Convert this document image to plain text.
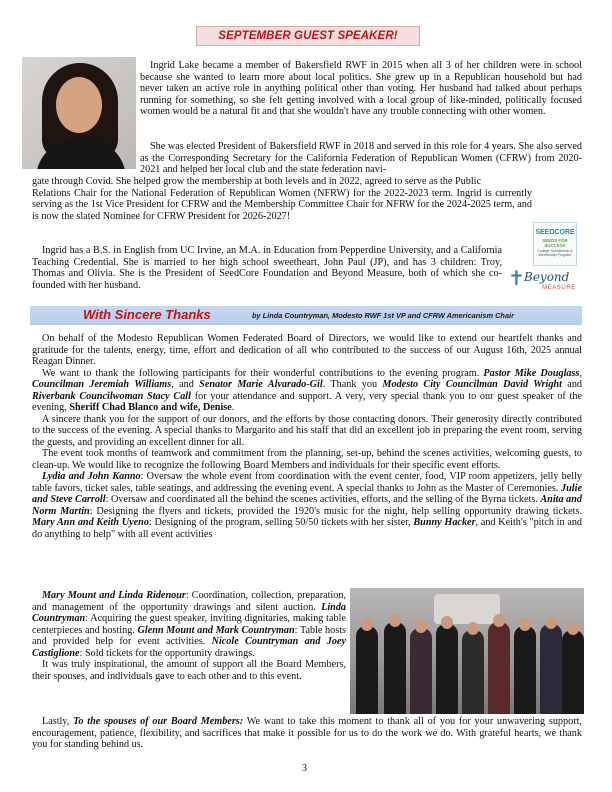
SEPTEMBER GUEST SPEAKER!
Ingrid Lake became a member of Bakersfield RWF in 2015 when all 3 of her children were in school because she wanted to learn more about local politics. She grew up in a Republican household but had never taken an active role in anything political other than voting. Her husband had talked about perhaps running for something, so she felt getting involved with a local group of like-minded, politically focused women would be a natural fit and that she wouldn't have any trouble connecting with other women.
She was elected President of Bakersfield RWF in 2018 and served in this role for 4 years. She also served as the Corresponding Secretary for the California Federation of Republican Women (CFRW) from 2020-2021 and helped her local club and the state federation navi-
gate through Covid. She helped grow the membership at both levels and in 2022, agreed to serve as the Public
Relations Chair for the National Federation of Republican Women (NFRW) for the 2022-2023 term. Ingrid is currently serving as the 1st Vice President for CFRW and the Membership Committee Chair for NFRW for the 2024-2025 term, and is now the slated Nominee for CFRW President for 2026-2027!
Ingrid has a B.S. in English from UC Irvine, an M.A. in Education from Pepperdine University, and a California Teaching Credential. She is married to her high school sweetheart, John Paul (JP), and has 3 children: Troy, Thomas and Olivia. She is the President of SeedCore Foundation and Beyond Measure, both of which she co-founded with her husband.
SEEDCORE
SEEDS FOR SUCCESS
College Scholarship & Mentorship Program
✝ Beyond
MEASURE
With Sincere Thanks	by Linda Countryman, Modesto RWF 1st VP and CFRW Americanism Chair

On behalf of the Modesto Republican Women Federated Board of Directors, we would like to extend our heartfelt thanks and gratitude for the talents, energy, time, effort and dedication of all who contributed to the success of our August 16th, 2025 annual Reagan Dinner.

We want to thank the following participants for their wonderful contributions to the evening program. Pastor Mike Douglass, Councilman Jeremiah Williams, and Senator Marie Alvarado-Gil. Thank you Modesto City Councilman David Wright and Riverbank Councilwoman Stacy Call for your attendance and support. A very, very special thank you to our guest speaker of the evening, Sheriff Chad Blanco and wife, Denise.

A sincere thank you for the support of our donors, and the efforts by those contacting donors. Their generosity directly contributed to the success of the evening. A special thanks to Margarito and his staff that did an excellent job in preparing the event room, serving the guests, and providing an excellent dinner for all.

The event took months of teamwork and commitment from the planning, set-up, behind the scenes activities, welcoming guests, to clean-up. We would like to recognize the following Board Members and individuals for their specific event efforts.

Lydia and John Kanno: Oversaw the whole event from coordination with the event center, food, VIP room appetizers, jelly belly table favors, ticket sales, table seatings, and addressing the evening event. A special thanks to John as the Master of Ceremonies. Julie and Steve Carroll: Oversaw and coordinated all the behind the scenes activities, efforts, and the selling of the Byrna tickets. Anita and Norm Martin: Designing the flyers and tickets, provided the 1920's music for the night, help selling opportunity drawing tickets. Mary Ann and Keith Uyeno: Designing of the program, selling 50/50 tickets with her sister, Bunny Hacker, and Keith's "pitch in and do anything to help" with all event activities

Mary Mount and Linda Ridenour: Coordination, collection, preparation, and management of the opportunity drawings and silent auction. Linda Countryman: Acquiring the guest speaker, inviting dignitaries, making table centerpieces and hosting. Glenn Mount and Mark Countryman: Table hosts and provided help for event activities. Nicole Countryman and Joey Castiglione: Sold tickets for the opportunity drawings.

It was truly inspirational, the amount of support all the Board Members, their spouses, and individuals gave to each other and to this event.

Lastly, To the spouses of our Board Members: We want to take this moment to thank all of you for your unwavering support, encouragement, patience, flexibility, and sacrifices that make it possible for us to do the work we do. With grateful hearts, we thank you for standing behind us.

3
